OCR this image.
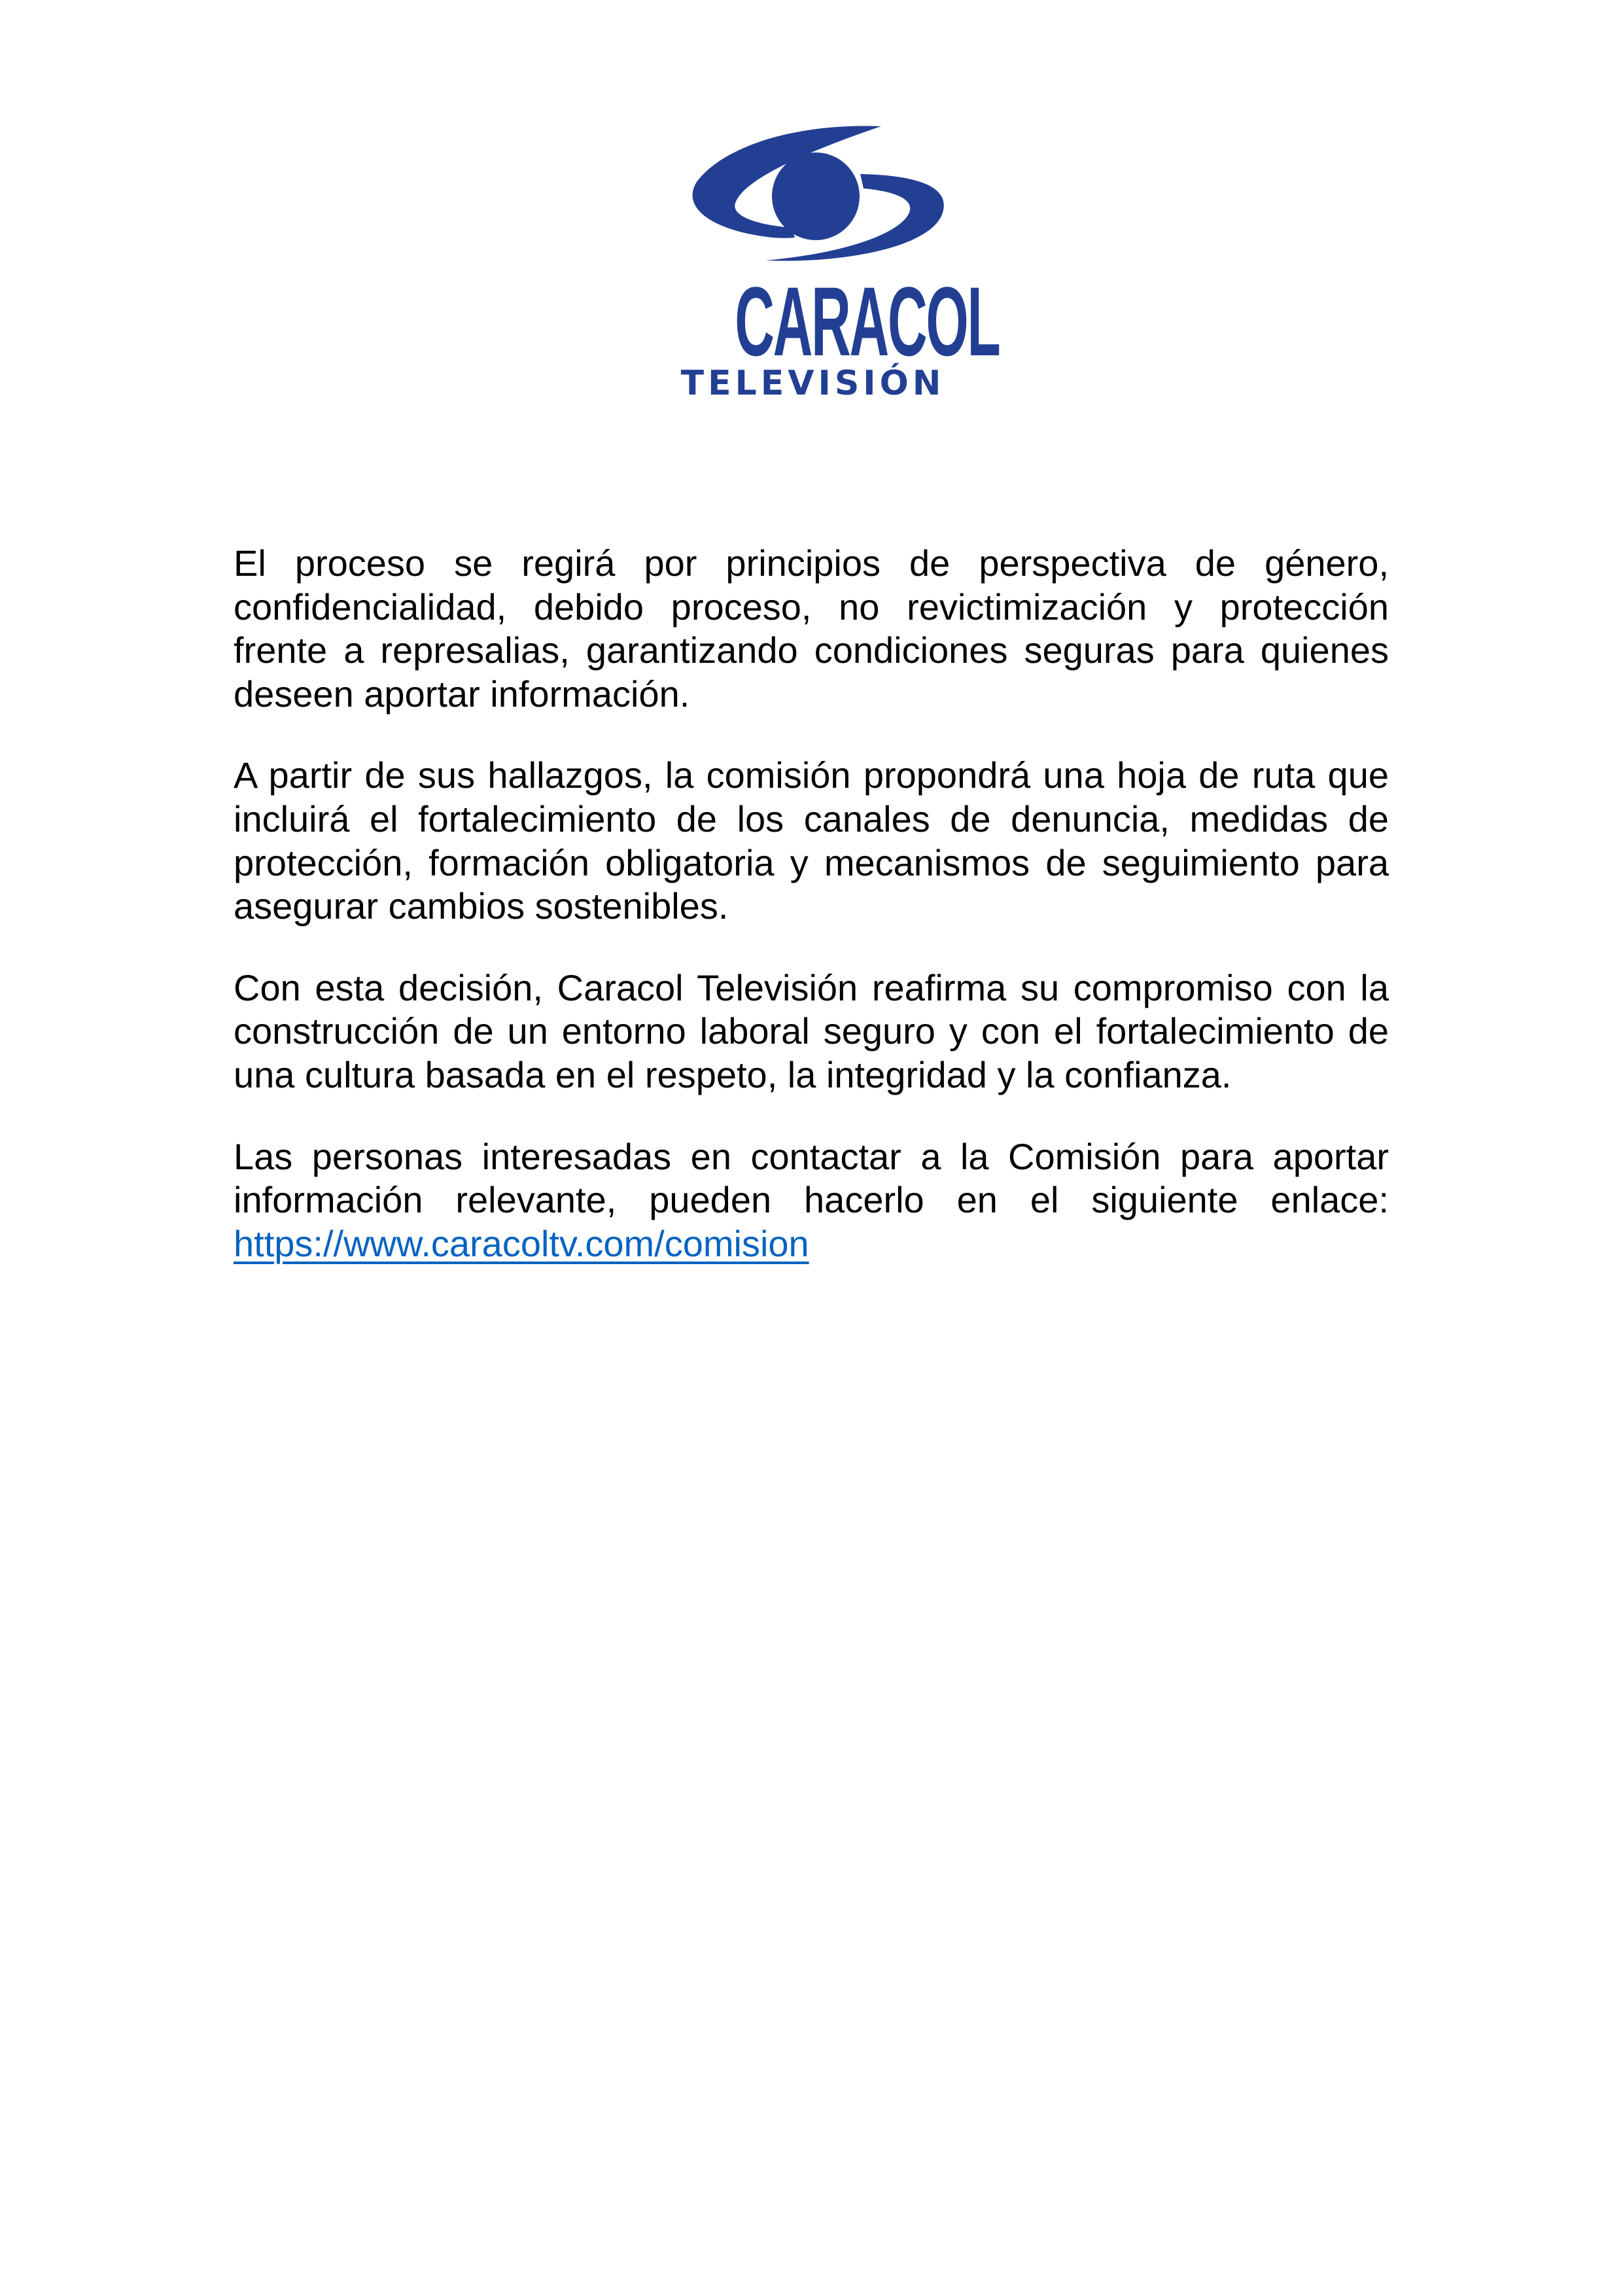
CARACOL
TELEVISIÓN

El proceso se regirá por principios de perspectiva de género, confidencialidad, debido proceso, no revictimización y protección frente a represalias, garantizando condiciones seguras para quienes deseen aportar información.

A partir de sus hallazgos, la comisión propondrá una hoja de ruta que incluirá el fortalecimiento de los canales de denuncia, medidas de protección, formación obligatoria y mecanismos de seguimiento para asegurar cambios sostenibles.

Con esta decisión, Caracol Televisión reafirma su compromiso con la construcción de un entorno laboral seguro y con el fortalecimiento de una cultura basada en el respeto, la integridad y la confianza.

Las personas interesadas en contactar a la Comisión para aportar información relevante, pueden hacerlo en el siguiente enlace: https://www.caracoltv.com/comision
